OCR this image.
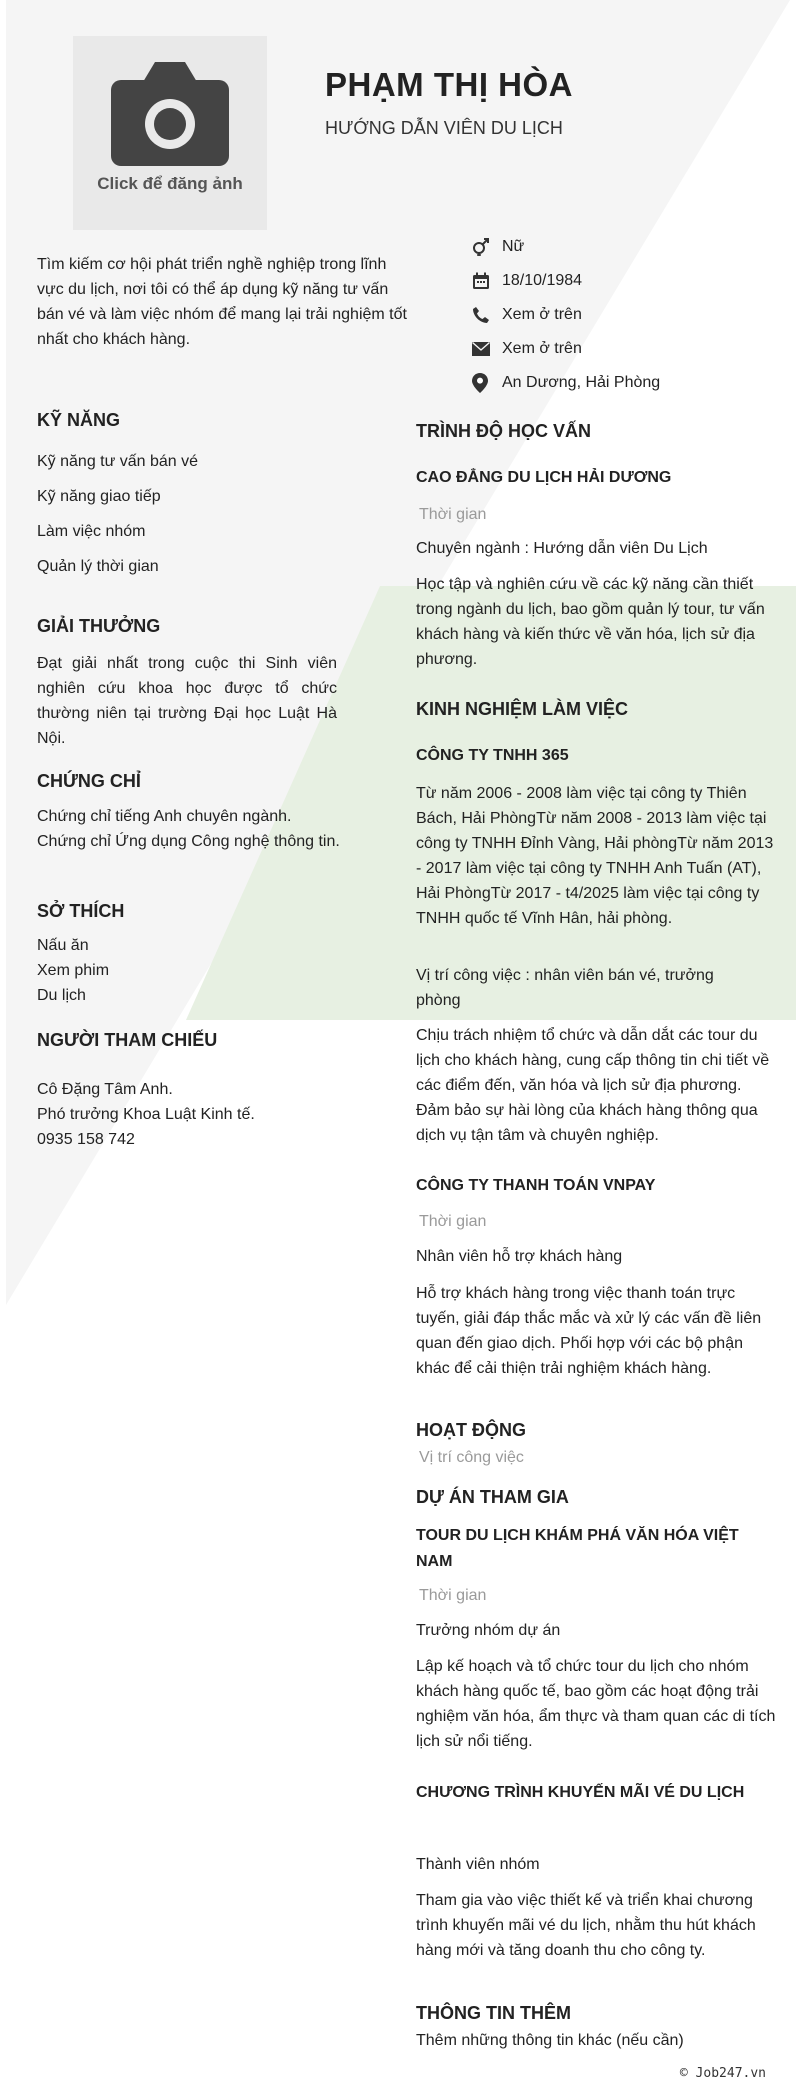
Click để đăng ảnh
PHẠM THỊ HÒA
HƯỚNG DẪN VIÊN DU LỊCH
Tìm kiếm cơ hội phát triển nghề nghiệp trong lĩnh vực du lịch, nơi tôi có thể áp dụng kỹ năng tư vấn bán vé và làm việc nhóm để mang lại trải nghiệm tốt nhất cho khách hàng.
Nữ
18/10/1984
Xem ở trên
Xem ở trên
An Dương, Hải Phòng
KỸ NĂNG
Kỹ năng tư vấn bán vé
Kỹ năng giao tiếp
Làm việc nhóm
Quản lý thời gian
GIẢI THƯỞNG
Đạt giải nhất trong cuộc thi Sinh viên nghiên cứu khoa học được tổ chức thường niên tại trường Đại học Luật Hà Nội.
CHỨNG CHỈ
Chứng chỉ tiếng Anh chuyên ngành. Chứng chỉ Ứng dụng Công nghệ thông tin.
SỞ THÍCH
Nấu ăn
Xem phim
Du lịch
NGƯỜI THAM CHIẾU
Cô Đặng Tâm Anh.
Phó trưởng Khoa Luật Kinh tế.
0935 158 742
TRÌNH ĐỘ HỌC VẤN
CAO ĐẲNG DU LỊCH HẢI DƯƠNG
Thời gian
Chuyên ngành : Hướng dẫn viên Du Lịch
Học tập và nghiên cứu về các kỹ năng cần thiết trong ngành du lịch, bao gồm quản lý tour, tư vấn khách hàng và kiến thức về văn hóa, lịch sử địa phương.
KINH NGHIỆM LÀM VIỆC
CÔNG TY TNHH 365
Từ năm 2006 - 2008 làm việc tại công ty Thiên Bách, Hải PhòngTừ năm 2008 - 2013 làm việc tại công ty TNHH Đỉnh Vàng, Hải phòngTừ năm 2013 - 2017 làm việc tại công ty TNHH Anh Tuấn (AT), Hải PhòngTừ 2017 - t4/2025 làm việc tại công ty TNHH quốc tế Vĩnh Hân, hải phòng.
Vị trí công việc : nhân viên bán vé, trưởng phòng
Chịu trách nhiệm tổ chức và dẫn dắt các tour du lịch cho khách hàng, cung cấp thông tin chi tiết về các điểm đến, văn hóa và lịch sử địa phương. Đảm bảo sự hài lòng của khách hàng thông qua dịch vụ tận tâm và chuyên nghiệp.
CÔNG TY THANH TOÁN VNPAY
Thời gian
Nhân viên hỗ trợ khách hàng
Hỗ trợ khách hàng trong việc thanh toán trực tuyến, giải đáp thắc mắc và xử lý các vấn đề liên quan đến giao dịch. Phối hợp với các bộ phận khác để cải thiện trải nghiệm khách hàng.
HOẠT ĐỘNG
Vị trí công việc
DỰ ÁN THAM GIA
TOUR DU LỊCH KHÁM PHÁ VĂN HÓA VIỆT NAM
Thời gian
Trưởng nhóm dự án
Lập kế hoạch và tổ chức tour du lịch cho nhóm khách hàng quốc tế, bao gồm các hoạt động trải nghiệm văn hóa, ẩm thực và tham quan các di tích lịch sử nổi tiếng.
CHƯƠNG TRÌNH KHUYẾN MÃI VÉ DU LỊCH
Thành viên nhóm
Tham gia vào việc thiết kế và triển khai chương trình khuyến mãi vé du lịch, nhằm thu hút khách hàng mới và tăng doanh thu cho công ty.
THÔNG TIN THÊM
Thêm những thông tin khác (nếu cần)
© Job247.vn
